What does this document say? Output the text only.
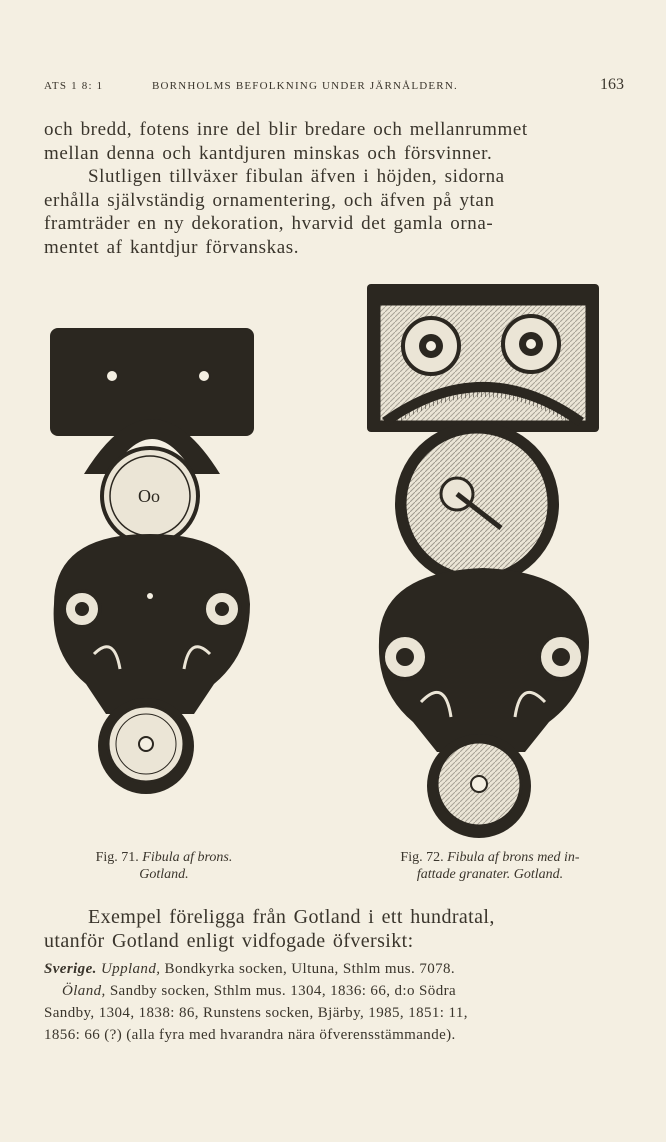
ATS 1 8: 1	BORNHOLMS BEFOLKNING UNDER JÄRNÅLDERN.	163

och bredd, fotens inre del blir bredare och mellanrummet
mellan denna och kantdjuren minskas och försvinner.
Slutligen tillväxer fibulan äfven i höjden, sidorna
erhålla självständig ornamentering, och äfven på ytan
framträder en ny dekoration, hvarvid det gamla orna-
mentet af kantdjur förvanskas.

Oo
Fig. 71. Fibula af brons.
Gotland.
Fig. 72. Fibula af brons med in-
fattade granater. Gotland.

Exempel föreligga från Gotland i ett hundratal,
utanför Gotland enligt vidfogade öfversikt:

Sverige. Uppland, Bondkyrka socken, Ultuna, Sthlm mus. 7078.
Öland, Sandby socken, Sthlm mus. 1304, 1836: 66, d:o Södra
Sandby, 1304, 1838: 86, Runstens socken, Bjärby, 1985, 1851: 11,
1856: 66 (?) (alla fyra med hvarandra nära öfverensstämmande).
